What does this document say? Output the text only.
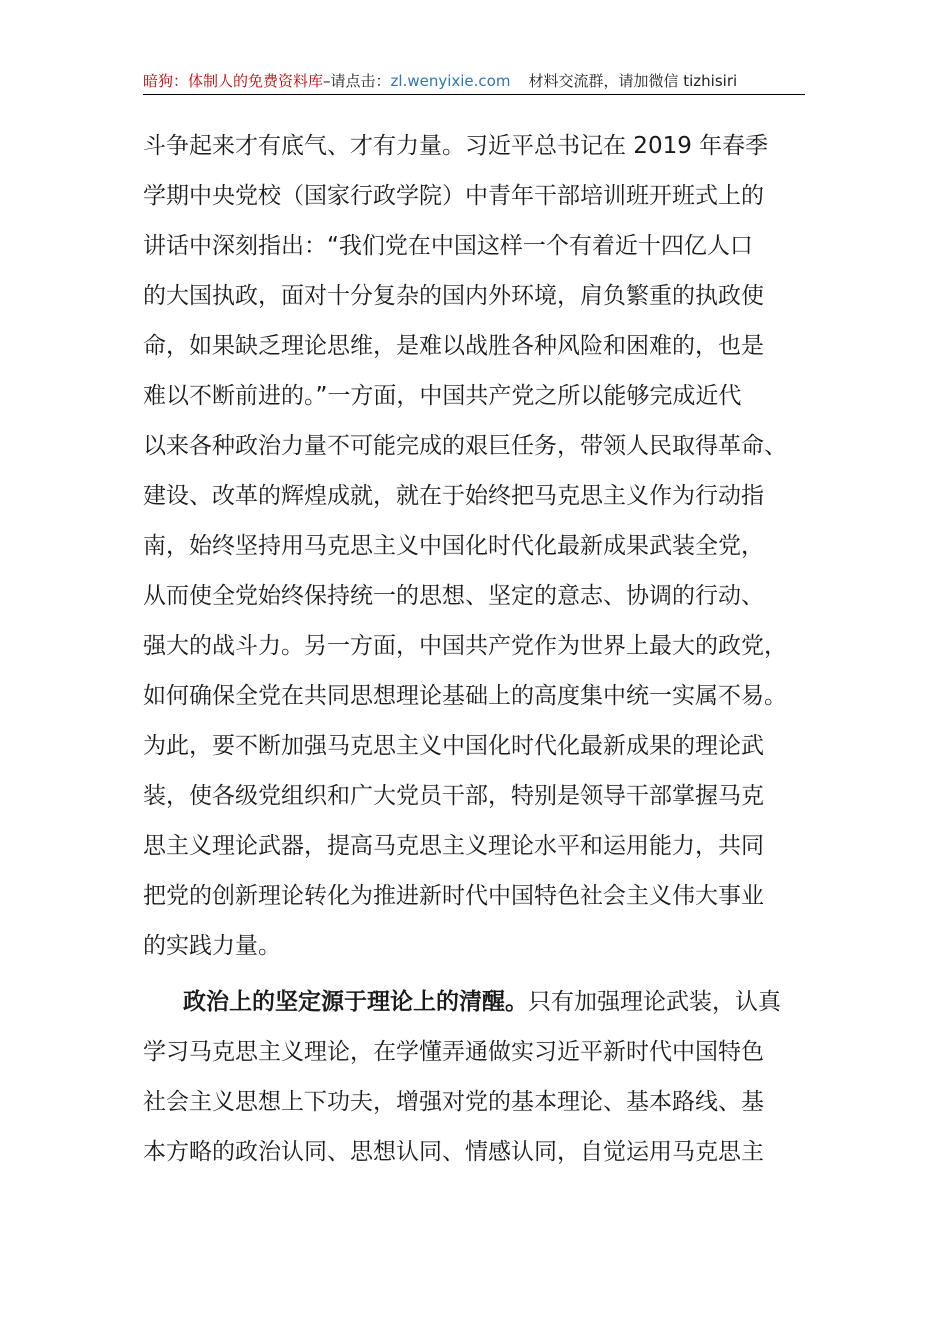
暗狗：体制人的免费资料库–请点击：zl.wenyixie.com 材料交流群，请加微信 tizhisiri
斗争起来才有底气、才有力量。习近平总书记在 2019 年春季
学期中央党校（国家行政学院）中青年干部培训班开班式上的
讲话中深刻指出：“我们党在中国这样一个有着近十四亿人口
的大国执政，面对十分复杂的国内外环境，肩负繁重的执政使
命，如果缺乏理论思维，是难以战胜各种风险和困难的，也是
难以不断前进的。”一方面，中国共产党之所以能够完成近代
以来各种政治力量不可能完成的艰巨任务，带领人民取得革命、
建设、改革的辉煌成就，就在于始终把马克思主义作为行动指
南，始终坚持用马克思主义中国化时代化最新成果武装全党，
从而使全党始终保持统一的思想、坚定的意志、协调的行动、
强大的战斗力。另一方面，中国共产党作为世界上最大的政党，
如何确保全党在共同思想理论基础上的高度集中统一实属不易。
为此，要不断加强马克思主义中国化时代化最新成果的理论武
装，使各级党组织和广大党员干部，特别是领导干部掌握马克
思主义理论武器，提高马克思主义理论水平和运用能力，共同
把党的创新理论转化为推进新时代中国特色社会主义伟大事业
的实践力量。
政治上的坚定源于理论上的清醒。只有加强理论武装，认真
学习马克思主义理论，在学懂弄通做实习近平新时代中国特色
社会主义思想上下功夫，增强对党的基本理论、基本路线、基
本方略的政治认同、思想认同、情感认同，自觉运用马克思主
